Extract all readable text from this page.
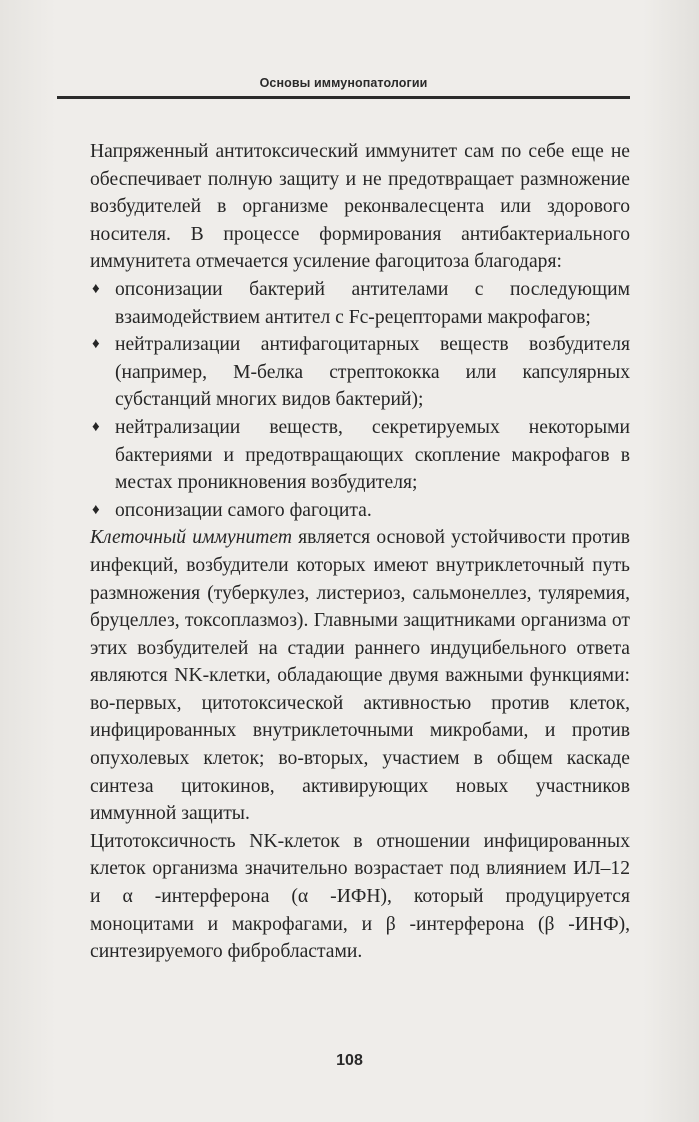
Основы иммунопатологии

Напряженный антитоксический иммунитет сам по себе еще не обеспечивает полную защиту и не предотвращает размножение возбудителей в организме реконвалесцента или здорового носителя. В процессе формирования антибактериального иммунитета отмечается усиление фагоцитоза благодаря:

♦ опсонизации бактерий антителами с последующим взаимодействием антител с Fc-рецепторами макрофагов;

♦ нейтрализации антифагоцитарных веществ возбудителя (например, М-белка стрептококка или капсулярных субстанций многих видов бактерий);

♦ нейтрализации веществ, секретируемых некоторыми бактериями и предотвращающих скопление макрофагов в местах проникновения возбудителя;

♦ опсонизации самого фагоцита.

Клеточный иммунитет является основой устойчивости против инфекций, возбудители которых имеют внутриклеточный путь размножения (туберкулез, листериоз, сальмонеллез, туляремия, бруцеллез, токсоплазмоз). Главными защитниками организма от этих возбудителей на стадии раннего индуцибельного ответа являются NK-клетки, обладающие двумя важными функциями: во-первых, цитотоксической активностью против клеток, инфицированных внутриклеточными микробами, и против опухолевых клеток; во-вторых, участием в общем каскаде синтеза цитокинов, активирующих новых участников иммунной защиты.

Цитотоксичность NK-клеток в отношении инфицированных клеток организма значительно возрастает под влиянием ИЛ–12 и α -интерферона (α -ИФН), который продуцируется моноцитами и макрофагами, и β -интерферона (β -ИНФ), синтезируемого фибробластами.

108
